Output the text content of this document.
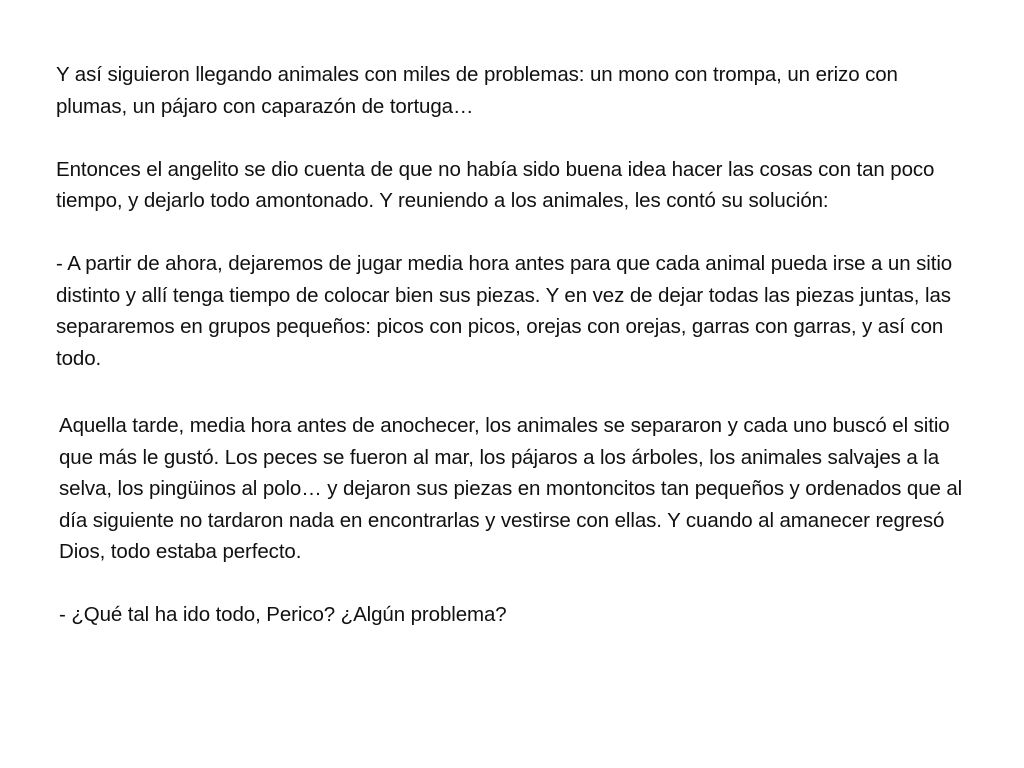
Y así siguieron llegando animales con miles de problemas: un mono con trompa, un erizo con plumas, un pájaro con caparazón de tortuga…

Entonces el angelito se dio cuenta de que no había sido buena idea hacer las cosas con tan poco tiempo, y dejarlo todo amontonado. Y reuniendo a los animales, les contó su solución:

- A partir de ahora, dejaremos de jugar media hora antes para que cada animal pueda irse a un sitio distinto y allí tenga tiempo de colocar bien sus piezas. Y en vez de dejar todas las piezas juntas, las separaremos en grupos pequeños: picos con picos, orejas con orejas, garras con garras, y así con todo.

Aquella tarde, media hora antes de anochecer, los animales se separaron y cada uno buscó el sitio que más le gustó. Los peces se fueron al mar, los pájaros a los árboles, los animales salvajes a la selva, los pingüinos al polo… y dejaron sus piezas en montoncitos tan pequeños y ordenados que al día siguiente no tardaron nada en encontrarlas y vestirse con ellas. Y cuando al amanecer regresó Dios, todo estaba perfecto.

- ¿Qué tal ha ido todo, Perico? ¿Algún problema?
